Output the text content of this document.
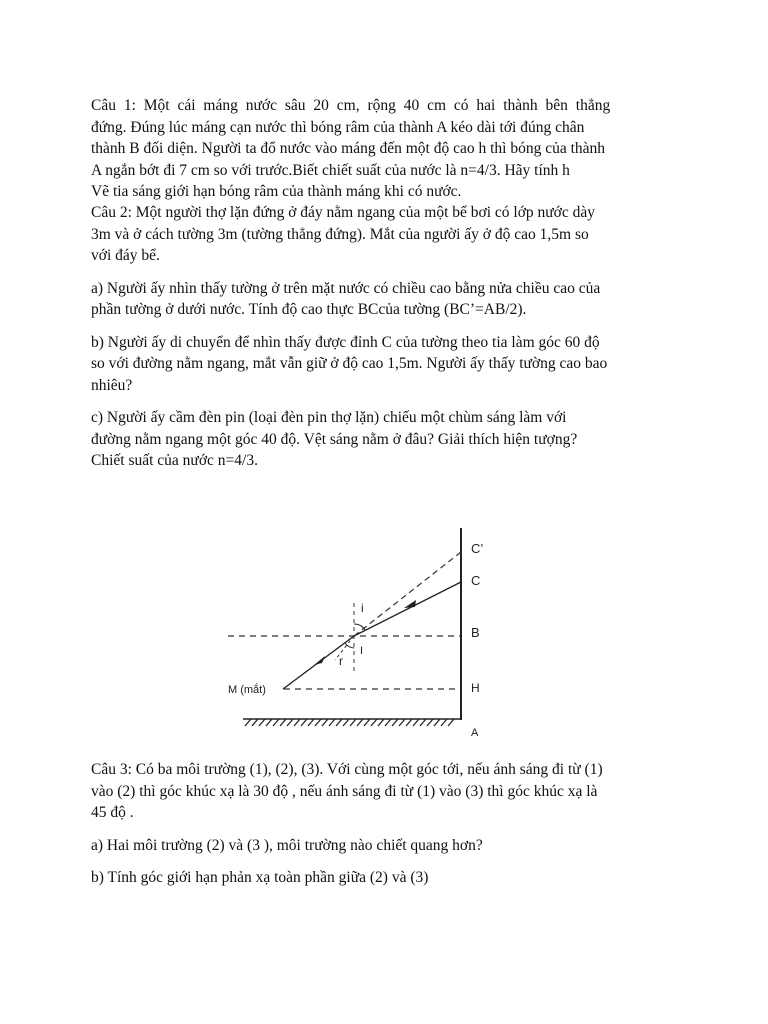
Câu 1: Một cái máng nước sâu 20 cm, rộng 40 cm có hai thành bên thẳng

đứng. Đúng lúc máng cạn nước thì bóng râm của thành A kéo dài tới đúng chân

thành B đối diện. Người ta đổ nước vào máng đến một độ cao h thì bóng của thành

A ngắn bớt đi 7 cm so với trước.Biết chiết suất của nước là n=4/3. Hãy tính h

Vẽ tia sáng giới hạn bóng râm của thành máng khi có nước.

Câu 2: Một người thợ lặn đứng ở đáy nằm ngang của một bể bơi có lớp nước dày

3m và ở cách tường 3m (tường thẳng đứng). Mắt của người ấy ở độ cao 1,5m so

với đáy bể.

a) Người ấy nhìn thấy tường ở trên mặt nước có chiều cao bằng nửa chiều cao của

phần tường ở dưới nước. Tính độ cao thực BCcủa tường (BC’=AB/2).

b) Người ấy di chuyển để nhìn thấy được đỉnh C của tường theo tia làm góc 60 độ

so với đường nằm ngang, mắt vẫn giữ ở độ cao 1,5m. Người ấy thấy tường cao bao

nhiêu?

c) Người ấy cầm đèn pin (loại đèn pin thợ lặn) chiếu một chùm sáng làm với

đường nằm ngang một góc 40 độ. Vệt sáng nằm ở đâu? Giải thích hiện tượng?

Chiết suất của nước n=4/3.

C’
C
B
H
A
i
r
I
M (mắt)

Câu 3: Có ba môi trường (1), (2), (3). Với cùng một góc tới, nếu ánh sáng đi từ (1)

vào (2) thì góc khúc xạ là 30 độ , nếu ánh sáng đi từ (1) vào (3) thì góc khúc xạ là

45 độ .

a) Hai môi trường (2) và (3 ), môi trường nào chiết quang hơn?

b) Tính góc giới hạn phản xạ toàn phần giữa (2) và (3)
